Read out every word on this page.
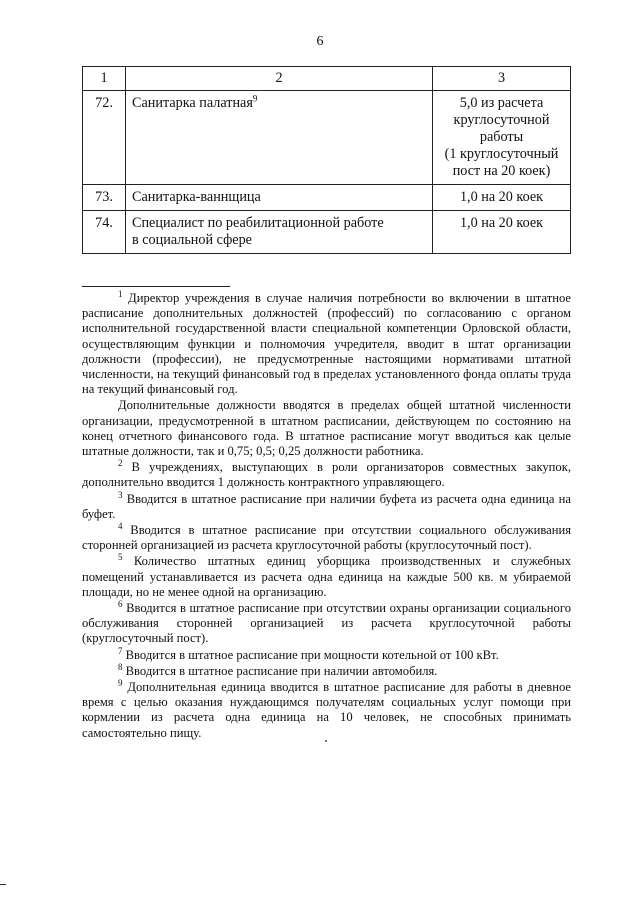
6
1	2	3
72.	Санитарка палатная$^9$	5,0 из расчета
круглосуточной
работы
(1 круглосуточный
пост на 20 коек)

73.	Санитарка-ваннщица	1,0 на 20 коек
74.	Специалист по реабилитационной работе
в социальной сфере	1,0 на 20 коек

$^1$ Директор учреждения в случае наличия потребности во включении в штатное расписание дополнительных должностей (профессий) по согласованию с органом исполнительной государственной власти специальной компетенции Орловской области, осуществляющим функции и полномочия учредителя, вводит в штат организации должности (профессии), не предусмотренные настоящими нормативами штатной численности, на текущий финансовый год в пределах установленного фонда оплаты труда на текущий финансовый год.

Дополнительные должности вводятся в пределах общей штатной численности организации, предусмотренной в штатном расписании, действующем по состоянию на конец отчетного финансового года. В штатное расписание могут вводиться как целые штатные должности, так и 0,75; 0,5; 0,25 должности работника.

$^2$ В учреждениях, выступающих в роли организаторов совместных закупок, дополнительно вводится 1 должность контрактного управляющего.

$^3$ Вводится в штатное расписание при наличии буфета из расчета одна единица на буфет.

$^4$ Вводится в штатное расписание при отсутствии социального обслуживания сторонней организацией из расчета круглосуточной работы (круглосуточный пост).

$^5$ Количество штатных единиц уборщика производственных и служебных помещений устанавливается из расчета одна единица на каждые 500 кв. м убираемой площади, но не менее одной на организацию.

$^6$ Вводится в штатное расписание при отсутствии охраны организации социального обслуживания сторонней организацией из расчета круглосуточной работы (круглосуточный пост).

$^7$ Вводится в штатное расписание при мощности котельной от 100 кВт.

$^8$ Вводится в штатное расписание при наличии автомобиля.

$^9$ Дополнительная единица вводится в штатное расписание для работы в дневное время с целью оказания нуждающимся получателям социальных услуг помощи при кормлении из расчета одна единица на 10 человек, не способных принимать самостоятельно пищу.
